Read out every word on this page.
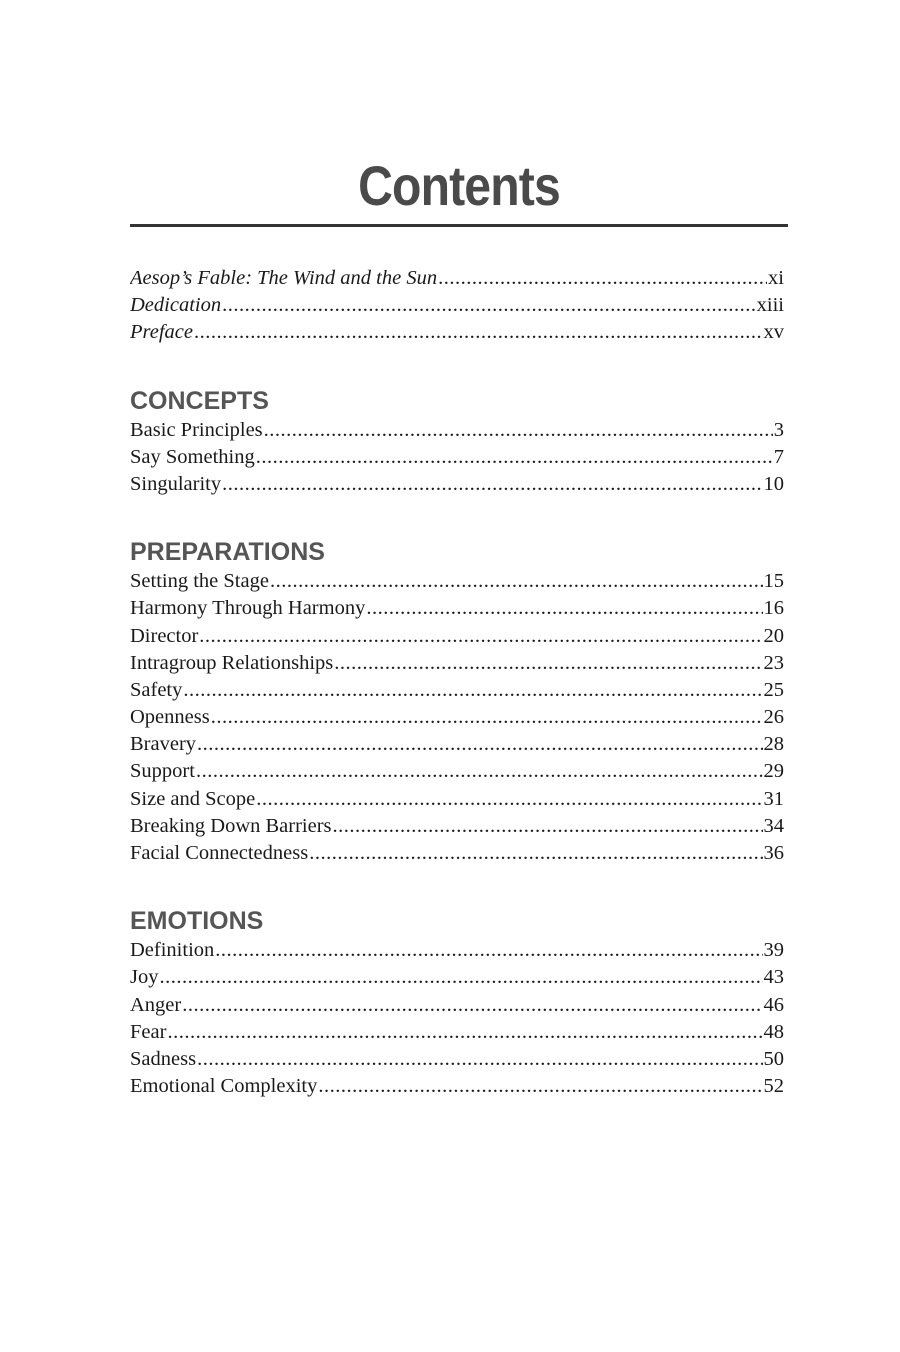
Contents
Aesop’s Fable: The Wind and the Sun .....	xi
Dedication .....	xiii
Preface .....	xv
CONCEPTS
Basic Principles .....	3
Say Something .....	7
Singularity .....	10
PREPARATIONS
Setting the Stage .....	15
Harmony Through Harmony .....	16
Director .....	20
Intragroup Relationships .....	23
Safety .....	25
Openness .....	26
Bravery .....	28
Support .....	29
Size and Scope .....	31
Breaking Down Barriers .....	34
Facial Connectedness .....	36
EMOTIONS
Definition .....	39
Joy .....	43
Anger .....	46
Fear .....	48
Sadness .....	50
Emotional Complexity .....	52
